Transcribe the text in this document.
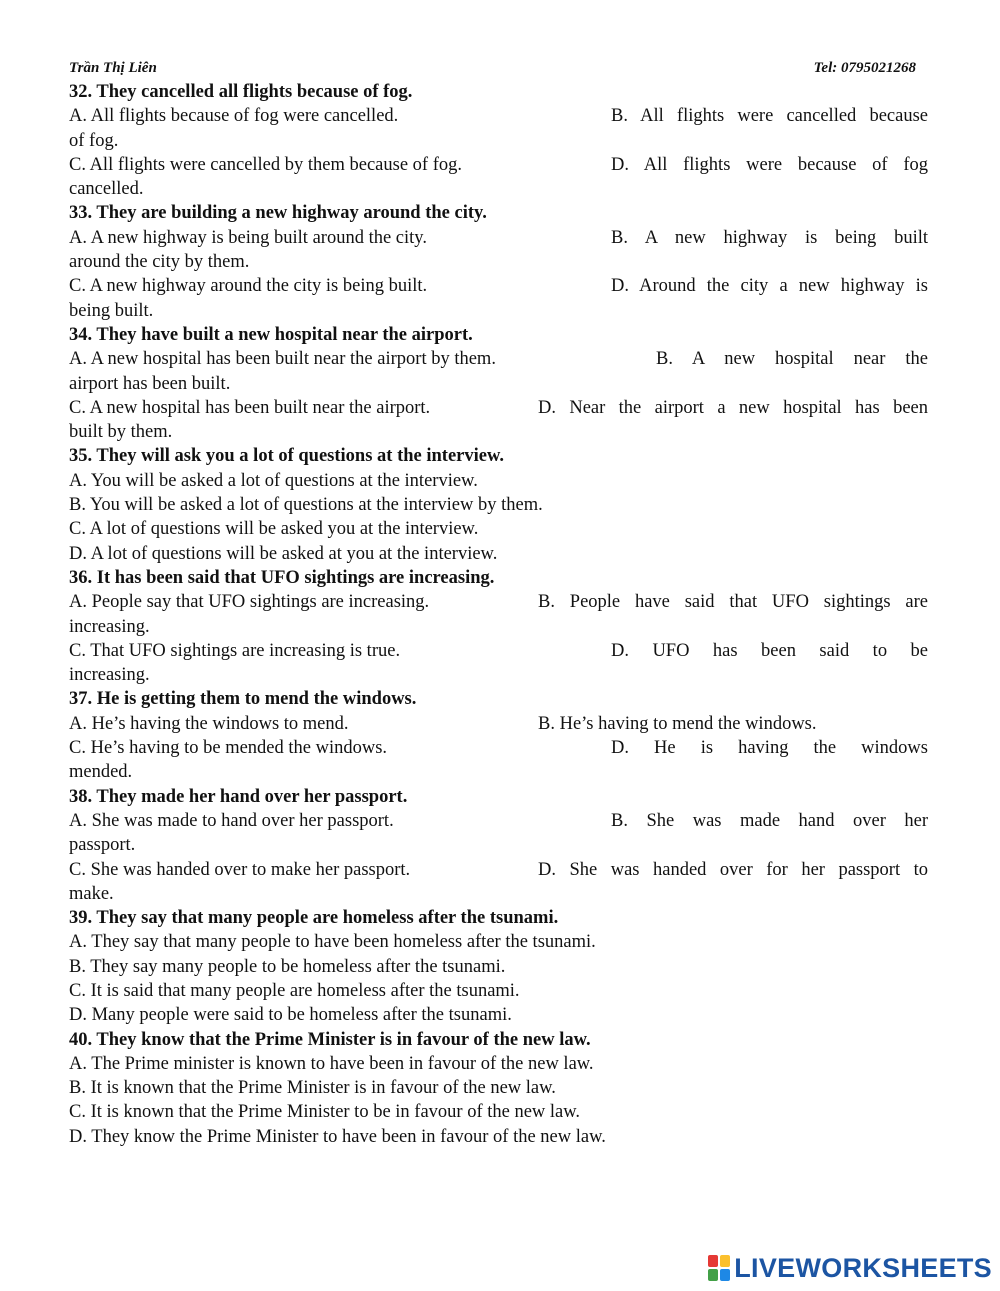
Trần Thị Liên	Tel: 0795021268
32. They cancelled all flights because of fog.
A. All flights because of fog were cancelled.	B. All flights were cancelled because
of fog.
C. All flights were cancelled by them because of fog.	D. All flights were because of fog
cancelled.
33. They are building a new highway around the city.
A. A new highway is being built around the city.	B. A new highway is being built
around the city by them.
C. A new highway around the city is being built.	D. Around the city a new highway is
being built.
34. They have built a new hospital near the airport.
A. A new hospital has been built near the airport by them.	B. A new hospital near the
airport has been built.
C. A new hospital has been built near the airport.	D. Near the airport a new hospital has been
built by them.
35. They will ask you a lot of questions at the interview.
A. You will be asked a lot of questions at the interview.
B. You will be asked a lot of questions at the interview by them.
C. A lot of questions will be asked you at the interview.
D. A lot of questions will be asked at you at the interview.
36. It has been said that UFO sightings are increasing.
A. People say that UFO sightings are increasing.	B. People have said that UFO sightings are
increasing.
C. That UFO sightings are increasing is true.	D. UFO has been said to be
increasing.
37. He is getting them to mend the windows.
A. He’s having the windows to mend.	B. He’s having to mend the windows.
C. He’s having to be mended the windows.	D. He is having the windows
mended.
38. They made her hand over her passport.
A. She was made to hand over her passport.	B. She was made hand over her
passport.
C. She was handed over to make her passport.	D. She was handed over for her passport to
make.
39. They say that many people are homeless after the tsunami.
A. They say that many people to have been homeless after the tsunami.
B. They say many people to be homeless after the tsunami.
C. It is said that many people are homeless after the tsunami.
D. Many people were said to be homeless after the tsunami.
40. They know that the Prime Minister is in favour of the new law.
A. The Prime minister is known to have been in favour of the new law.
B. It is known that the Prime Minister is in favour of the new law.
C. It is known that the Prime Minister to be in favour of the new law.
D. They know the Prime Minister to have been in favour of the new law.
LIVEWORKSHEETS
